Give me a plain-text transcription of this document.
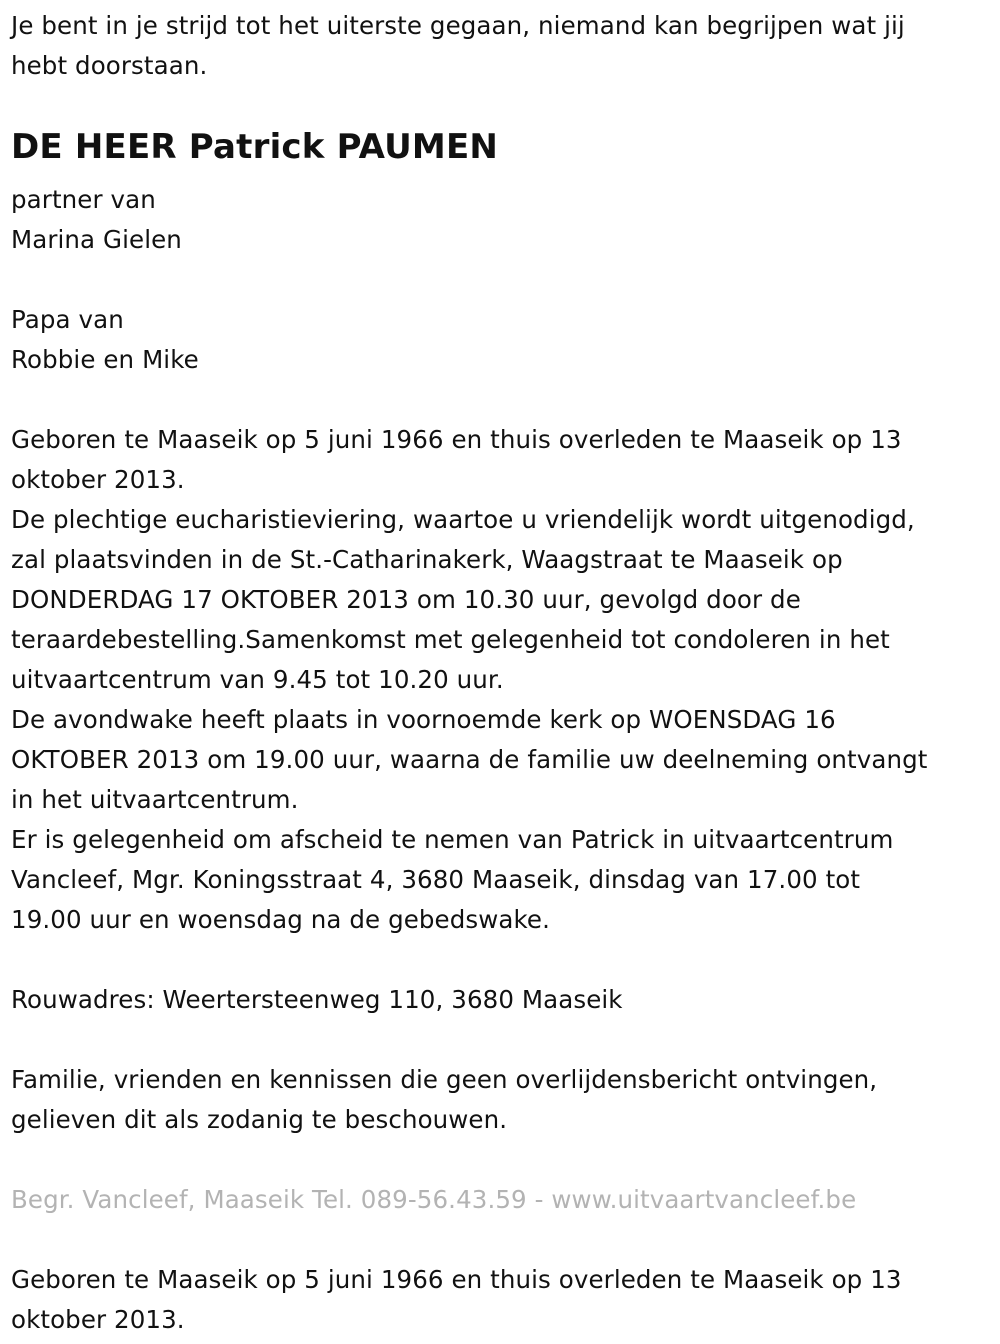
Je bent in je strijd tot het uiterste gegaan, niemand kan begrijpen wat jij
hebt doorstaan.
DE HEER Patrick PAUMEN
partner van
Marina Gielen
Papa van
Robbie en Mike
Geboren te Maaseik op 5 juni 1966 en thuis overleden te Maaseik op 13
oktober 2013.
De plechtige eucharistieviering, waartoe u vriendelijk wordt uitgenodigd,
zal plaatsvinden in de St.-Catharinakerk, Waagstraat te Maaseik op
DONDERDAG 17 OKTOBER 2013 om 10.30 uur, gevolgd door de
teraardebestelling.Samenkomst met gelegenheid tot condoleren in het
uitvaartcentrum van 9.45 tot 10.20 uur.
De avondwake heeft plaats in voornoemde kerk op WOENSDAG 16
OKTOBER 2013 om 19.00 uur, waarna de familie uw deelneming ontvangt
in het uitvaartcentrum.
Er is gelegenheid om afscheid te nemen van Patrick in uitvaartcentrum
Vancleef, Mgr. Koningsstraat 4, 3680 Maaseik, dinsdag van 17.00 tot
19.00 uur en woensdag na de gebedswake.
Rouwadres: Weertersteenweg 110, 3680 Maaseik
Familie, vrienden en kennissen die geen overlijdensbericht ontvingen,
gelieven dit als zodanig te beschouwen.
Begr. Vancleef, Maaseik Tel. 089-56.43.59 - www.uitvaartvancleef.be
Geboren te Maaseik op 5 juni 1966 en thuis overleden te Maaseik op 13
oktober 2013.
